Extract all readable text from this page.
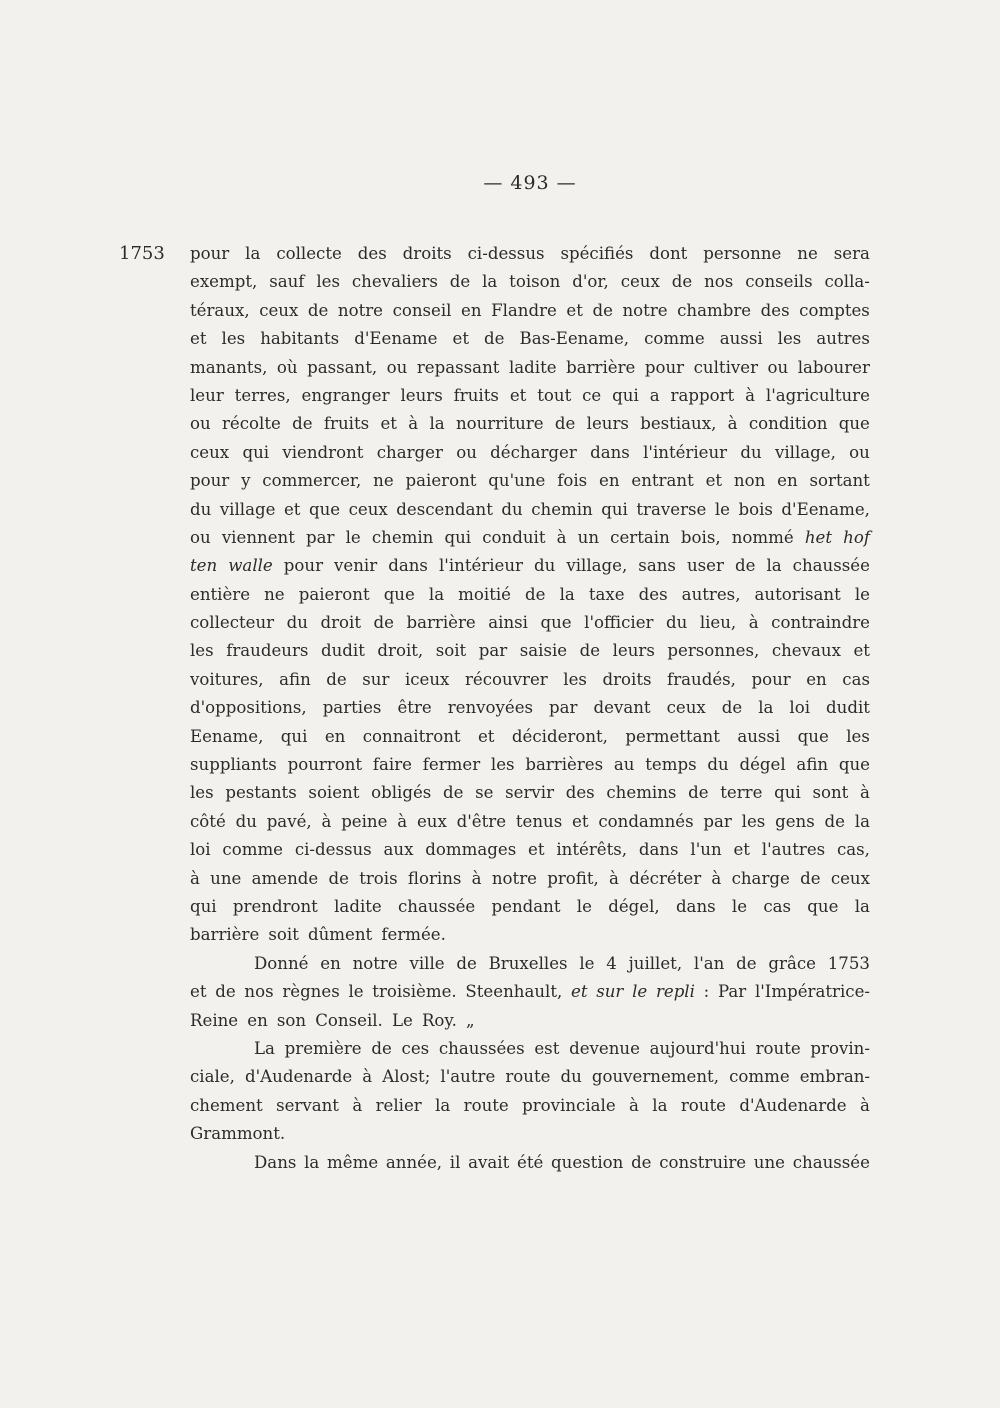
— 493 —
1753 pour la collecte des droits ci-dessus spécifiés dont personne ne sera
exempt, sauf les chevaliers de la toison d'or, ceux de nos conseils colla-
téraux, ceux de notre conseil en Flandre et de notre chambre des comptes
et les habitants d'Eename et de Bas-Eename, comme aussi les autres
manants, où passant, ou repassant ladite barrière pour cultiver ou labourer
leur terres, engranger leurs fruits et tout ce qui a rapport à l'agriculture
ou récolte de fruits et à la nourriture de leurs bestiaux, à condition que
ceux qui viendront charger ou décharger dans l'intérieur du village, ou
pour y commercer, ne paieront qu'une fois en entrant et non en sortant
du village et que ceux descendant du chemin qui traverse le bois d'Eename,
ou viennent par le chemin qui conduit à un certain bois, nommé het hof
ten walle pour venir dans l'intérieur du village, sans user de la chaussée
entière ne paieront que la moitié de la taxe des autres, autorisant le
collecteur du droit de barrière ainsi que l'officier du lieu, à contraindre
les fraudeurs dudit droit, soit par saisie de leurs personnes, chevaux et
voitures, afin de sur iceux récouvrer les droits fraudés, pour en cas
d'oppositions, parties être renvoyées par devant ceux de la loi dudit
Eename, qui en connaitront et décideront, permettant aussi que les
suppliants pourront faire fermer les barrières au temps du dégel afin que
les pestants soient obligés de se servir des chemins de terre qui sont à
côté du pavé, à peine à eux d'être tenus et condamnés par les gens de la
loi comme ci-dessus aux dommages et intérêts, dans l'un et l'autres cas,
à une amende de trois florins à notre profit, à décréter à charge de ceux
qui prendront ladite chaussée pendant le dégel, dans le cas que la
barrière soit dûment fermée.
Donné en notre ville de Bruxelles le 4 juillet, l'an de grâce 1753
et de nos règnes le troisième. Steenhault, et sur le repli : Par l'Impératrice-
Reine en son Conseil. Le Roy. „
La première de ces chaussées est devenue aujourd'hui route provin-
ciale, d'Audenarde à Alost; l'autre route du gouvernement, comme embran-
chement servant à relier la route provinciale à la route d'Audenarde à
Grammont.
Dans la même année, il avait été question de construire une chaussée
